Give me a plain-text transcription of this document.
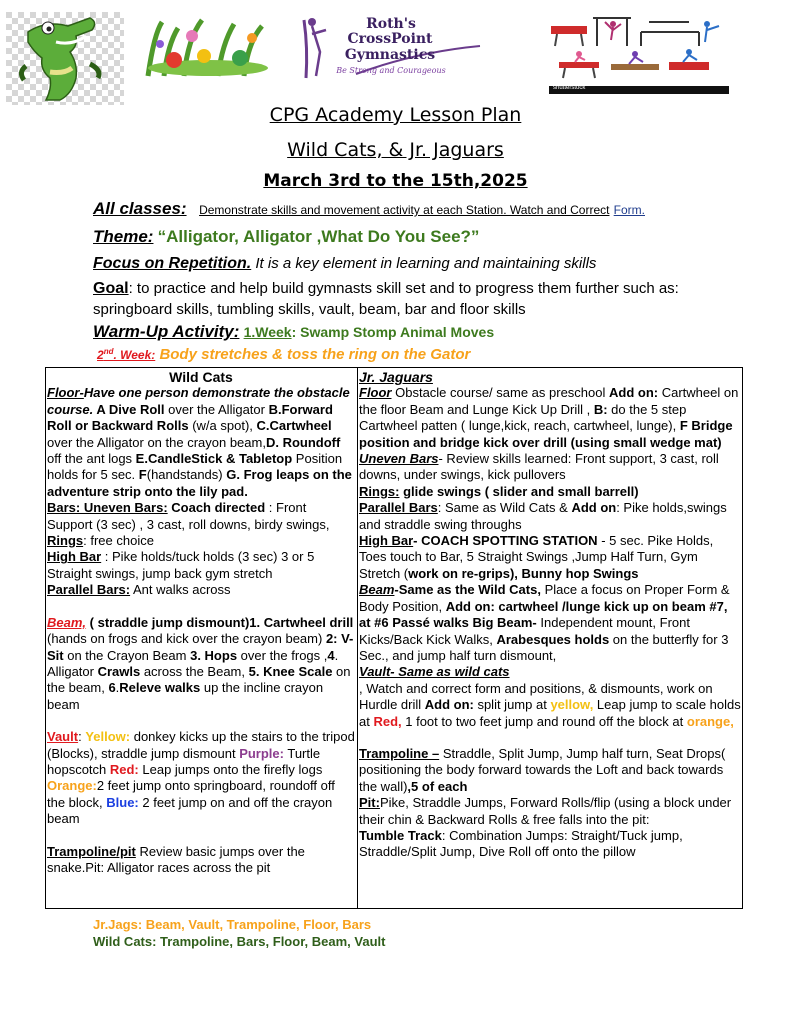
Roth's
CrossPoint
Gymnastics
Be Strong and Courageous
shutterstock
CPG Academy Lesson Plan
Wild Cats, & Jr. Jaguars
March 3rd to the 15th,2025
All classes: Demonstrate skills and movement activity at each Station. Watch and Correct Form.
Theme: “Alligator, Alligator ,What Do You See?”
Focus on Repetition. It is a key element in learning and maintaining skills
Goal: to practice and help build gymnasts skill set and to progress them further such as: springboard skills, tumbling skills, vault, beam, bar and floor skills
Warm-Up Activity: 1.Week: Swamp Stomp Animal Moves
2nd. Week: Body stretches & toss the ring on the Gator

Wild Cats

Floor-Have one person demonstrate the obstacle course. A Dive Roll over the Alligator B.Forward Roll or Backward Rolls (w/a spot), C.Cartwheel over the Alligator on the crayon beam,D. Roundoff off the ant logs E.CandleStick & Tabletop Position holds for 5 sec. F(handstands) G. Frog leaps on the adventure strip onto the lily pad.

Bars: Uneven Bars: Coach directed : Front Support (3 sec) , 3 cast, roll downs, birdy swings,

Rings: free choice

High Bar : Pike holds/tuck holds (3 sec) 3 or 5 Straight swings, jump back gym stretch

Parallel Bars: Ant walks across

Beam, ( straddle jump dismount)1. Cartwheel drill (hands on frogs and kick over the crayon beam) 2: V-Sit on the Crayon Beam 3. Hops over the frogs ,4. Alligator Crawls across the Beam, 5. Knee Scale on the beam, 6.Releve walks up the incline crayon beam

Vault: Yellow: donkey kicks up the stairs to the tripod (Blocks), straddle jump dismount Purple: Turtle hopscotch Red: Leap jumps onto the firefly logs Orange:2 feet jump onto springboard, roundoff off the block, Blue: 2 feet jump on and off the crayon beam

Trampoline/pit Review basic jumps over the snake.Pit: Alligator races across the pit

Jr. Jaguars

Floor Obstacle course/ same as preschool Add on: Cartwheel on the floor Beam and Lunge Kick Up Drill , B: do the 5 step Cartwheel patten ( lunge,kick, reach, cartwheel, lunge), F Bridge position and bridge kick over drill (using small wedge mat)

Uneven Bars- Review skills learned: Front support, 3 cast, roll downs, under swings, kick pullovers

Rings: glide swings ( slider and small barrell)

Parallel Bars: Same as Wild Cats & Add on: Pike holds,swings and straddle swing throughs

High Bar- COACH SPOTTING STATION - 5 sec. Pike Holds, Toes touch to Bar, 5 Straight Swings ,Jump Half Turn, Gym Stretch (work on re-grips), Bunny hop Swings

Beam-Same as the Wild Cats, Place a focus on Proper Form & Body Position, Add on: cartwheel /lunge kick up on beam #7, at #6 Passé walks Big Beam- Independent mount, Front Kicks/Back Kick Walks, Arabesques holds on the butterfly for 3 Sec., and jump half turn dismount,

Vault- Same as wild cats
, Watch and correct form and positions, & dismounts, work on Hurdle drill Add on: split jump at yellow, Leap jump to scale holds at Red, 1 foot to two feet jump and round off the block at orange,

Trampoline – Straddle, Split Jump, Jump half turn, Seat Drops( positioning the body forward towards the Loft and back towards the wall),5 of each

Pit:Pike, Straddle Jumps, Forward Rolls/flip (using a block under their chin & Backward Rolls & free falls into the pit:

Tumble Track: Combination Jumps: Straight/Tuck jump, Straddle/Split Jump, Dive Roll off onto the pillow

Jr.Jags: Beam, Vault, Trampoline, Floor, Bars
Wild Cats: Trampoline, Bars, Floor, Beam, Vault
